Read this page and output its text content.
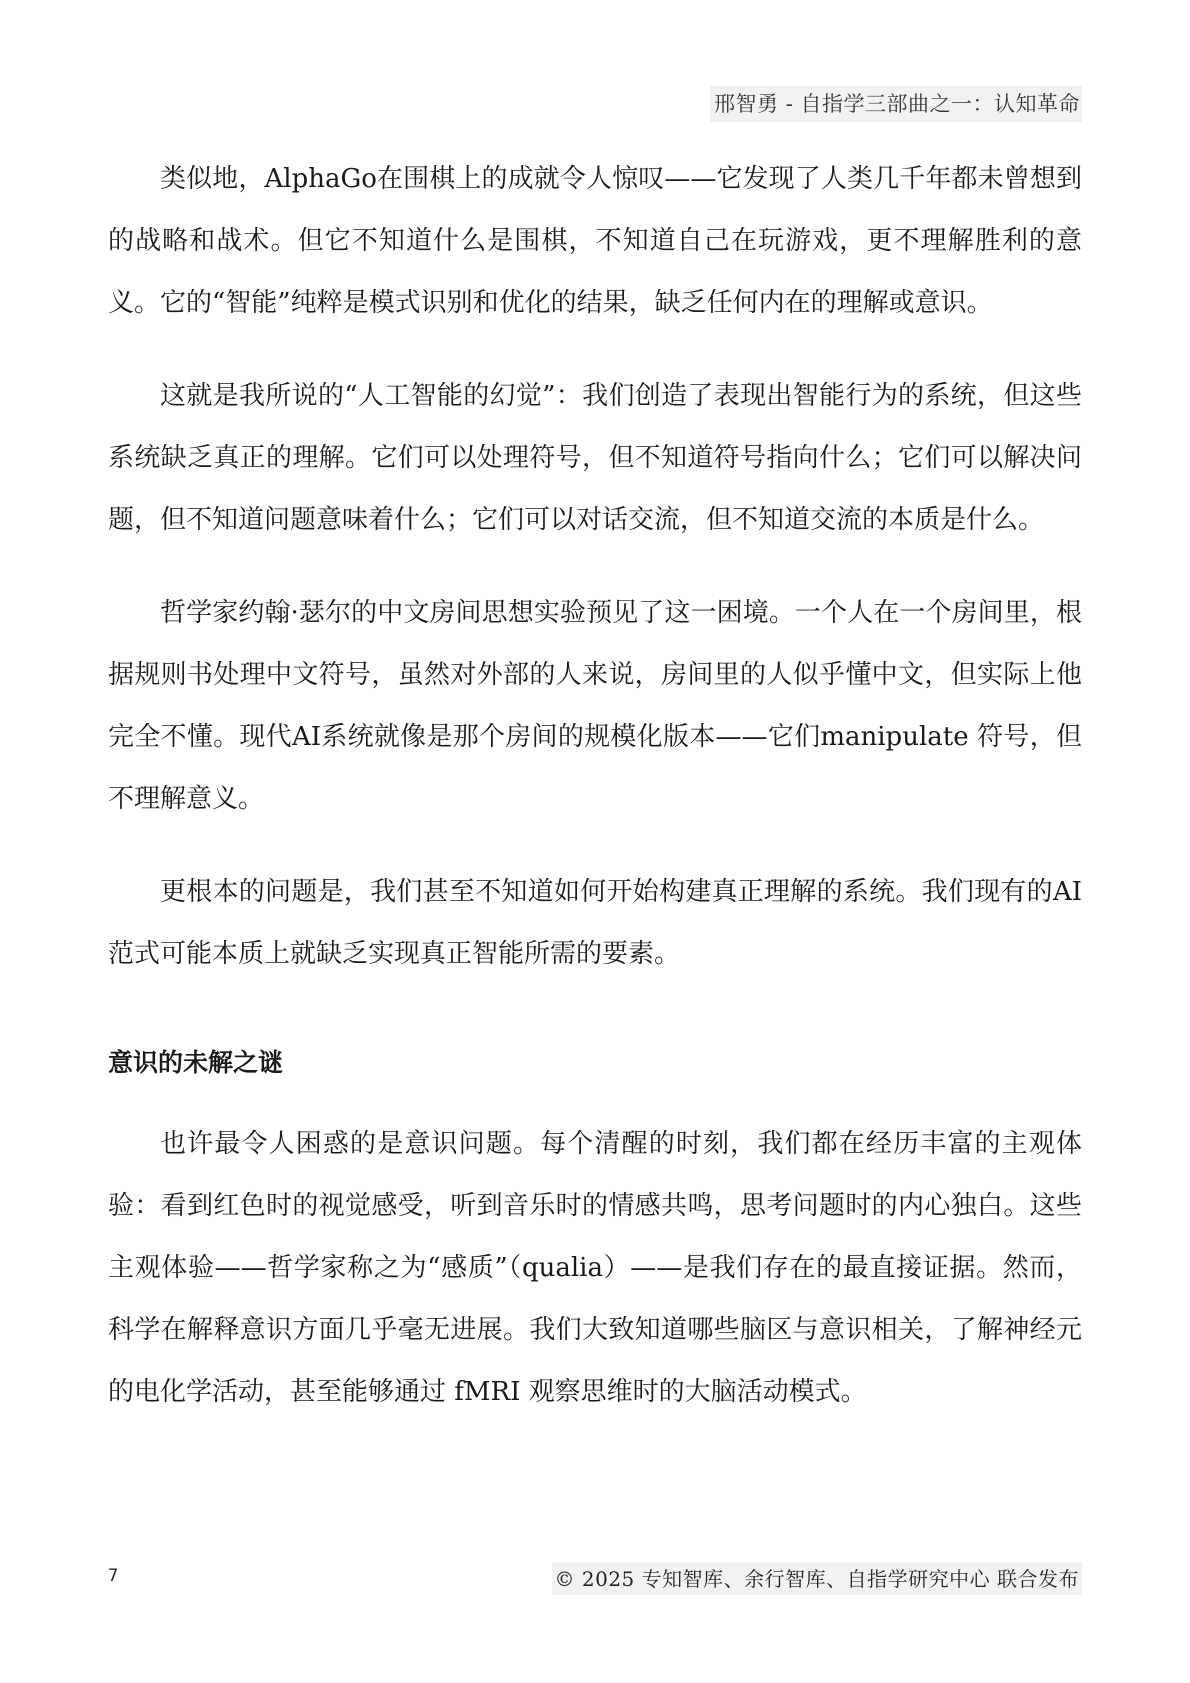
邢智勇 - 自指学三部曲之一：认知革命

类似地，AlphaGo在围棋上的成就令人惊叹——它发现了人类几千年都未曾想到的战略和战术。但它不知道什么是围棋，不知道自己在玩游戏，更不理解胜利的意义。它的“智能”纯粹是模式识别和优化的结果，缺乏任何内在的理解或意识。

这就是我所说的“人工智能的幻觉”：我们创造了表现出智能行为的系统，但这些系统缺乏真正的理解。它们可以处理符号，但不知道符号指向什么；它们可以解决问题，但不知道问题意味着什么；它们可以对话交流，但不知道交流的本质是什么。

哲学家约翰·瑟尔的中文房间思想实验预见了这一困境。一个人在一个房间里，根据规则书处理中文符号，虽然对外部的人来说，房间里的人似乎懂中文，但实际上他完全不懂。现代AI系统就像是那个房间的规模化版本——它们manipulate 符号，但不理解意义。

更根本的问题是，我们甚至不知道如何开始构建真正理解的系统。我们现有的AI范式可能本质上就缺乏实现真正智能所需的要素。

意识的未解之谜

也许最令人困惑的是意识问题。每个清醒的时刻，我们都在经历丰富的主观体验：看到红色时的视觉感受，听到音乐时的情感共鸣，思考问题时的内心独白。这些主观体验——哲学家称之为“感质”（qualia）——是我们存在的最直接证据。然而，科学在解释意识方面几乎毫无进展。我们大致知道哪些脑区与意识相关，了解神经元的电化学活动，甚至能够通过 fMRI 观察思维时的大脑活动模式。

7	© 2025 专知智库、余行智库、自指学研究中心 联合发布
